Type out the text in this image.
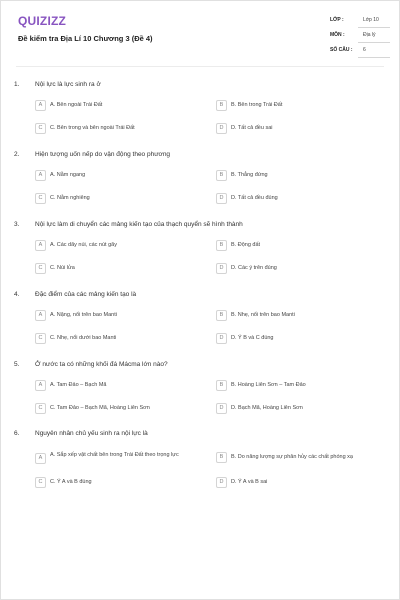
QUIZIZZ
Đề kiểm tra Địa Lí 10 Chương 3 (Đề 4)
LỚP :	Lớp 10
MÔN :	Địa lý
SỐ CÂU : 6
1. Nội lực là lực sinh ra ở
A	A. Bên ngoài Trái Đất	B	B. Bên trong Trái Đất
C	C. Bên trong và bên ngoài Trái Đất	D	D. Tất cả đều sai
2. Hiện tượng uốn nếp do vận động theo phương
A	A. Nằm ngang	B	B. Thẳng đứng
C	C. Nằm nghiêng	D	D. Tất cả đều đúng
3. Nội lực làm di chuyển các mảng kiến tạo của thạch quyển sẽ hình thành
A	A. Các dãy núi, các nút gãy	B	B. Động đất
C	C. Núi lửa	D	D. Các ý trên đúng
4. Đặc điểm của các mảng kiến tạo là
A	A. Nặng, nổi trên bao Manti	B	B. Nhẹ, nổi trên bao Manti
C	C. Nhẹ, nổi dưới bao Manti	D	D. Ý B và C đúng
5. Ở nước ta có những khối đá Mácma lớn nào?
A	A. Tam Đảo – Bạch Mã	B	B. Hoàng Liên Sơn – Tam Đảo
C	C. Tam Đảo – Bạch Mã, Hoàng Liên Sơn	D	D. Bạch Mã, Hoàng Liên Sơn
6. Nguyên nhân chủ yếu sinh ra nội lực là
A	A. Sắp xếp vật chất bên trong Trái Đất theo trọng lực	B	B. Do năng lượng sự phân hủy các chất phóng xạ
C	C. Ý A và B đúng	D	D. Ý A và B sai
